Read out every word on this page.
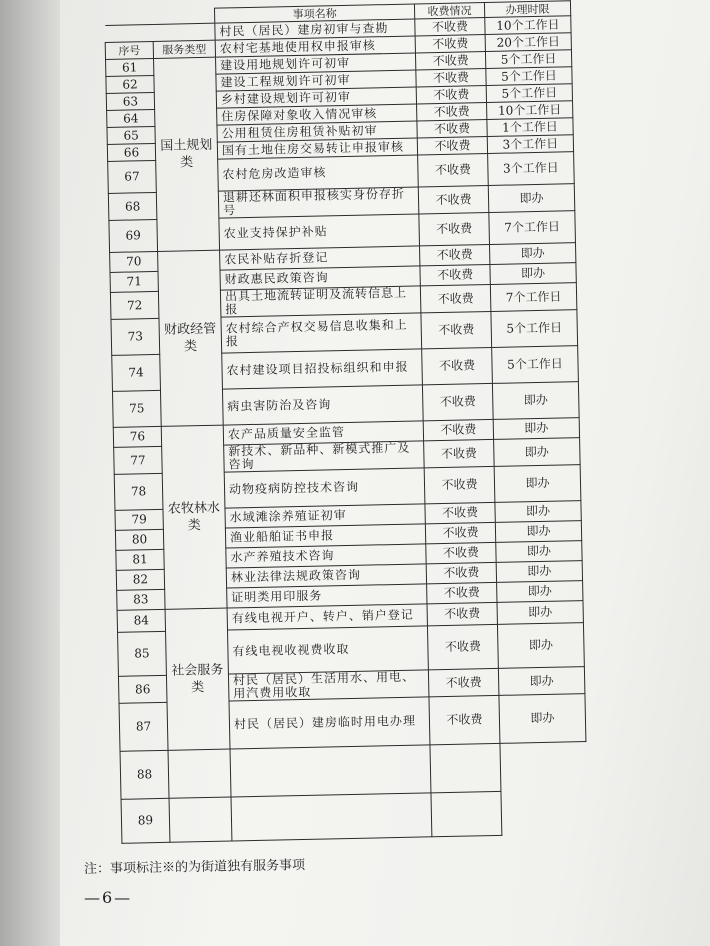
		事项名称	收费情况	办理时限
		村民（居民）建房初审与查勘	不收费	10个工作日
序号	服务类型	农村宅基地使用权申报审核	不收费	20个工作日
61	国土规划类	建设用地规划许可初审	不收费	5个工作日
62		建设工程规划许可初审	不收费	5个工作日
63		乡村建设规划许可初审	不收费	5个工作日
64		住房保障对象收入情况审核	不收费	10个工作日
65		公用租赁住房租赁补贴初审	不收费	1个工作日
66		国有土地住房交易转让申报审核	不收费	3个工作日
67		农村危房改造审核	不收费	3个工作日
68		退耕还林面积申报核实身份存折号	不收费	即办
69		农业支持保护补贴	不收费	7个工作日
70	财政经管类	农民补贴存折登记	不收费	即办
71		财政惠民政策咨询	不收费	即办
72		出具土地流转证明及流转信息上报	不收费	7个工作日
73		农村综合产权交易信息收集和上报	不收费	5个工作日
74		农村建设项目招投标组织和申报	不收费	5个工作日
75		病虫害防治及咨询	不收费	即办
76	农牧林水类	农产品质量安全监管	不收费	即办
77		新技术、新品种、新模式推广及咨询	不收费	即办
78		动物疫病防控技术咨询	不收费	即办
79		水域滩涂养殖证初审	不收费	即办
80		渔业船舶证书申报	不收费	即办
81		水产养殖技术咨询	不收费	即办
82		林业法律法规政策咨询	不收费	即办
83		证明类用印服务	不收费	即办
84	社会服务类	有线电视开户、转户、销户登记	不收费	即办
85		有线电视收视费收取	不收费	即办
86		村民（居民）生活用水、用电、用汽费用收取	不收费	即办
87		村民（居民）建房临时用电办理	不收费	即办
88				
89				
注：事项标注※的为街道独有服务事项
—6—
